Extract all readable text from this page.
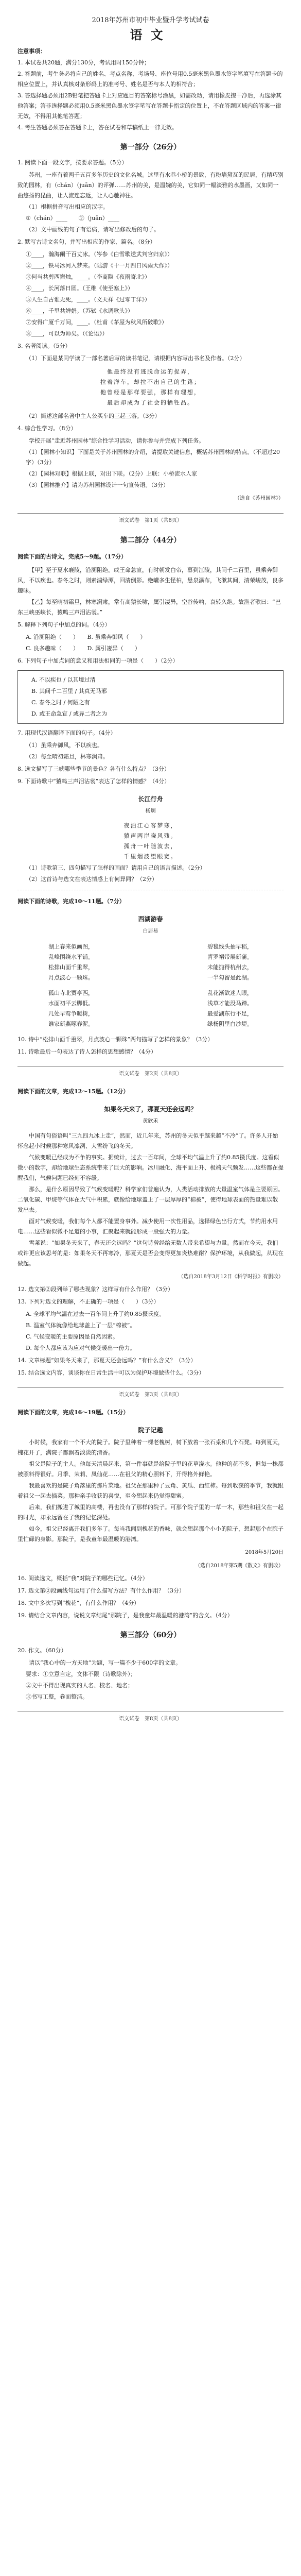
2018年苏州市初中毕业暨升学考试试卷

语文
注意事项：

1. 本试卷共20题，满分130分，考试用时150分钟；

2. 答题前，考生务必将自己的姓名、考点名称、考场号、座位号用0.5毫米黑色墨水签字笔填写在答题卡的相应位置上，并认真核对条形码上的准考号、姓名是否与本人的相符合；

3. 答选择题必须用2B铅笔把答题卡上对应题目的答案标号涂黑，如需改动，请用橡皮擦干净后，再选涂其他答案；答非选择题必须用0.5毫米黑色墨水签字笔写在答题卡指定的位置上，不在答题区域内的答案一律无效，不得用其他笔答题；

4. 考生答题必须答在答题卡上，答在试卷和草稿纸上一律无效。

第一部分（26分）

1. 阅读下面一段文字，按要求答题。（5分）

苏州，一座有着两千五百多年历史的文化名城。这里有水巷小桥的景致，有粉墙黛瓦的民居，有精巧别致的园林，有（chán）（juān）的评弹……苏州的美，是温婉的美，它如同一幅淡雅的水墨画，又如同一曲悠扬的昆曲，让人流连忘返，让人心驰神往。

（1）根据拼音写出相应的汉字。

①（chán）____　　②（juān）____

（2）文中画线的句子有语病，请写出修改后的句子。

2. 默写古诗文名句，并写出相应的作家、篇名。（8分）

①____，瀚海阑干百丈冰。（岑参《白雪歌送武判官归京》）

②____，铁马冰河入梦来。（陆游《十一月四日风雨大作》）

③何当共剪西窗烛，____。（李商隐《夜雨寄北》）

④____，长河落日圆。（王维《使至塞上》）

⑤人生自古谁无死，____。（文天祥《过零丁洋》）

⑥____，千里共婵娟。（苏轼《水调歌头》）

⑦安得广厦千万间，____。（杜甫《茅屋为秋风所破歌》）

⑧____，可以为师矣。（《论语》）

3. 名著阅读。（5分）

（1）下面是某同学读了一部名著后写的读书笔记，请根据内容写出书名及作者。（2分）

他最终没有逃脱命运的捉弄，

拉着洋车，却拉不出自己的生路；

他曾经是那样要强，那样有理想，

最后却成为了社会的牺牲品。

（2）简述这部名著中主人公买车的三起三落。（3分）

4. 综合性学习。（8分）

学校开展“走近苏州园林”综合性学习活动，请你参与并完成下列任务。

（1）【园林小知识】下面是关于苏州园林的介绍，请提取关键信息，概括苏州园林的特点。（不超过20字）（3分）

（2）【园林对联】根据上联，对出下联。（2分）上联：小桥流水人家

（3）【园林推介】请为苏州园林设计一句宣传语。（3分）

（选自《苏州园林》）

语文试卷　第1页（共8页）
第二部分（44分）

阅读下面的古诗文，完成5～9题。（17分）

【甲】至于夏水襄陵，沿溯阻绝。或王命急宣，有时朝发白帝，暮到江陵，其间千二百里，虽乘奔御风，不以疾也。春冬之时，则素湍绿潭，回清倒影。绝巘多生怪柏，悬泉瀑布，飞漱其间，清荣峻茂，良多趣味。

【乙】每至晴初霜旦，林寒涧肃，常有高猿长啸，属引凄异，空谷传响，哀转久绝。故渔者歌曰：“巴东三峡巫峡长，猿鸣三声泪沾裳。”

5. 解释下列句子中加点的词。（4分）

A. 沿溯阻绝（　　）　　B. 虽乘奔御风（　　）

C. 良多趣味（　　）　　D. 属引凄异（　　）

6. 下列句子中加点词的意义和用法相同的一项是（　　）（2分）

A. 不以疾也 / 以其境过清

B. 其间千二百里 / 其真无马邪

C. 春冬之时 / 何陋之有

D. 或王命急宣 / 或异二者之为

7. 用现代汉语翻译下面的句子。（4分）

（1）虽乘奔御风，不以疾也。

（2）每至晴初霜旦，林寒涧肃。

8. 选文描写了三峡哪些季节的景色？各有什么特点？（3分）

9. 下面诗歌中“猿鸣三声泪沾裳”表达了怎样的情感？（4分）

长江行舟
杨炯

夜泊江心客梦寒，

猿声两岸晓风残。

孤舟一叶随波去，

千里烟波望眼宽。

（1）诗歌第三、四句描写了怎样的画面？请用自己的语言描述。（2分）

（2）这首诗与选文在表达情感上有何异同？（2分）

阅读下面的诗歌，完成10～11题。（7分）

西湖游春
白居易
湖上春来似画图，
乱峰围绕水平铺。
松排山面千重翠，
月点波心一颗珠。
碧毯线头抽早稻，
青罗裙带展新蒲。
未能抛得杭州去，
一半勾留是此湖。
孤山寺北贾亭西，
水面初平云脚低。
几处早莺争暖树，
谁家新燕啄春泥。
乱花渐欲迷人眼，
浅草才能没马蹄。
最爱湖东行不足，
绿杨阴里白沙堤。

10. 诗中“松排山面千重翠，月点波心一颗珠”两句描写了怎样的景象？（3分）

11. 诗歌最后一句表达了诗人怎样的思想感情？（4分）

语文试卷　第2页（共8页）

阅读下面的文章，完成12～15题。（12分）

如果冬天来了，那夏天还会远吗？
黄欣禾

中国有句俗语叫“三九四九冰上走”，然而，近几年来，苏州的冬天似乎越来越“不冷”了。许多人开始怀念起小时候那种寒风凛冽、大雪纷飞的冬天。

气候变暖已经成为不争的事实。据统计，过去一百年间，全球平均气温上升了约0.85摄氏度。这看似微小的数字，却给地球生态系统带来了巨大的影响。冰川融化、海平面上升、极端天气频发……这些都在提醒我们，气候问题已经刻不容缓。

那么，是什么原因导致了气候变暖呢？科学家们普遍认为，人类活动排放的大量温室气体是主要原因。二氧化碳、甲烷等气体在大气中积累，就像给地球盖上了一层厚厚的“棉被”，使得地球表面的热量难以散发出去。

面对气候变暖，我们每个人都不能置身事外。减少使用一次性用品，选择绿色出行方式，节约用水用电……这些看似微不足道的小事，汇聚起来就能形成一股强大的力量。

雪莱说：“如果冬天来了，春天还会远吗？”这句诗曾经给无数人带来希望与力量。然而在今天，我们或许更应该思考的是：如果冬天不再寒冷，那夏天是否会变得更加炎热难耐？保护环境，从我做起，从现在做起。

（选自2018年3月12日《科学时报》有删改）

12. 选文第②段列举了哪些现象？这样写有什么作用？（3分）

13. 下列对选文的理解，不正确的一项是（　　）（3分）

A. 全球平均气温在过去一百年间上升了约0.85摄氏度。

B. 温室气体就像给地球盖上了一层“棉被”。

C. 气候变暖的主要原因是自然因素。

D. 每个人都应该为应对气候变暖出一份力。

14. 文章标题“如果冬天来了，那夏天还会远吗？”有什么含义？（3分）

15. 结合选文内容，谈谈你在日常生活中可以为保护环境做些什么。（3分）

语文试卷　第3页（共8页）

阅读下面的文章，完成16～19题。（15分）

院子记趣

小时候，我家有一个不大的院子。院子里种着一棵老槐树，树下放着一张石桌和几个石凳。每到夏天，槐花开了，满院子都飘着淡淡的清香。

祖父是院子的主人。他每天清晨起来，第一件事就是给院子里的花草浇水。他种的花不多，但每一株都被照料得很好。月季、茉莉、凤仙花……在祖父的精心照料下，开得格外鲜艳。

我最喜欢的是院子角落里的那片菜地。祖父在那里种了豆角、黄瓜、西红柿。每到收获的季节，我就跟着祖父一起去摘菜。那种亲手收获的喜悦，至今想起来仍觉得甜蜜。

后来，我们搬进了城里的高楼，再也没有了那样的院子。可那个院子里的一草一木，那些和祖父在一起的时光，却永远留在了我的记忆深处。

如今，祖父已经离开我们多年了。每当我闻到槐花的香味，就会想起那个小小的院子，想起那个在院子里忙碌的身影。那院子，是我童年最温暖的港湾。

2018年5月20日

（选自2018年第5期《散文》有删改）

16. 阅读选文，概括“我”对院子的哪些记忆。（4分）

17. 选文第②段画线句运用了什么描写方法？有什么作用？（3分）

18. 文中多次写到“槐花”，有什么作用？（4分）

19. 请结合文章内容，说说文章结尾“那院子，是我童年最温暖的港湾”的含义。（4分）

第三部分（60分）

20. 作文。（60分）

请以“我心中的一方天地”为题，写一篇不少于600字的文章。

要求：①立意自定，文体不限（诗歌除外）；

②文中不得出现真实的人名、校名、地名；

③书写工整，卷面整洁。

语文试卷　第8页（共8页）
